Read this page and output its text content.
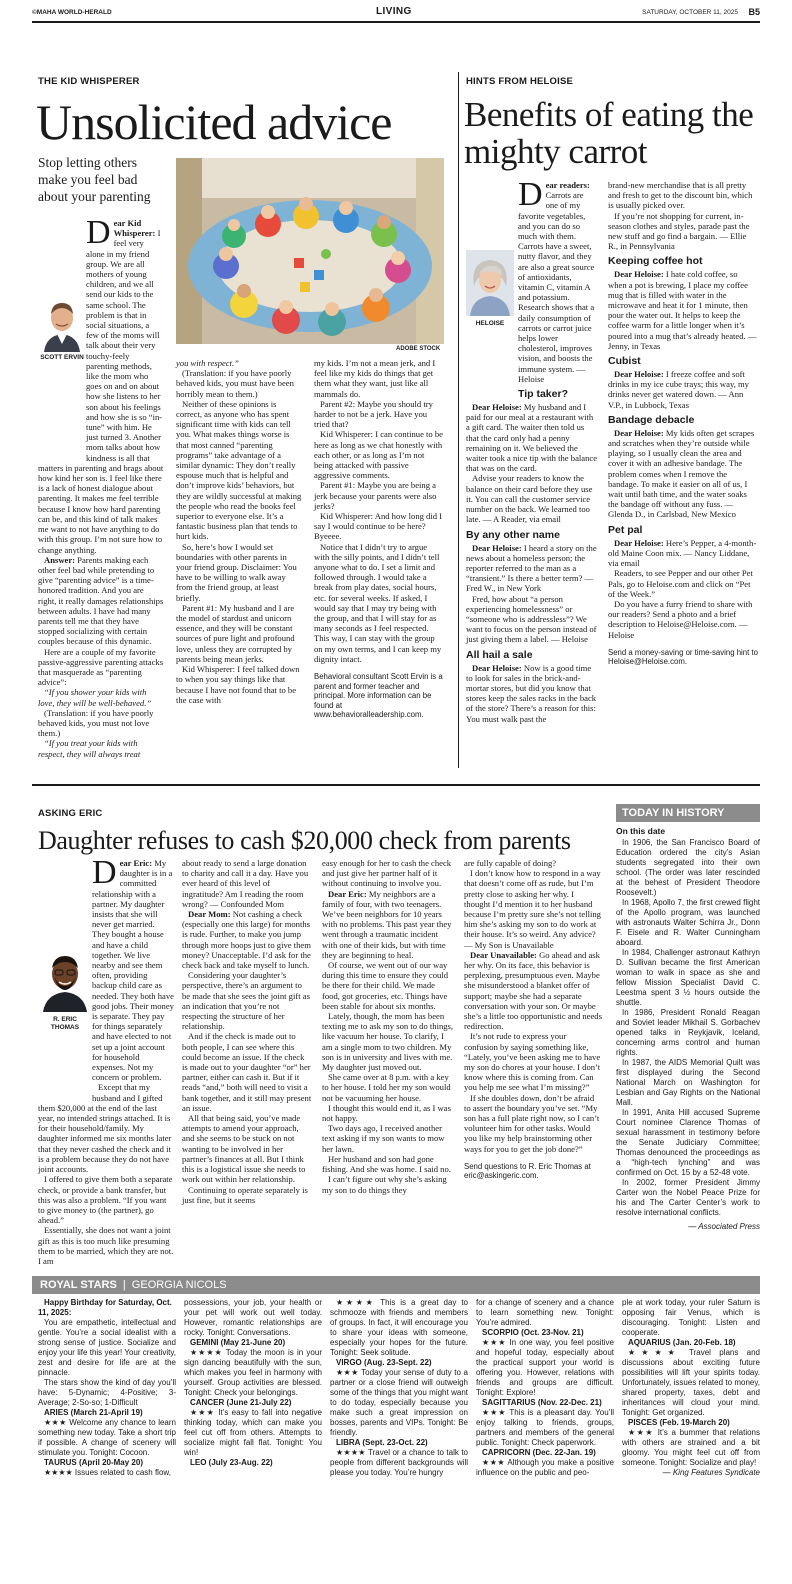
©MAHA WORLD-HERALD	LIVING	SATURDAY, OCTOBER 11, 2025 B5
THE KID WHISPERER
Unsolicited advice
Stop letting others make you feel bad about your parenting
ADOBE STOCK
SCOTT ERVIN

Dear Kid Whisperer: I feel very alone in my friend group. We are all mothers of young children, and we all send our kids to the same school. The problem is that in social situations, a few of the moms will talk about their very touchy-feely parenting methods, like the mom who goes on and on about how she listens to her son about his feelings and how she is so “in-tune” with him. He just turned 3. Another mom talks about how kindness is all that matters in parenting and brags about how kind her son is. I feel like there is a lack of honest dialogue about parenting. It makes me feel terrible because I know how hard parenting can be, and this kind of talk makes me want to not have anything to do with this group. I’m not sure how to change anything.

Answer: Parents making each other feel bad while pretending to give “parenting advice” is a time-honored tradition. And you are right, it really damages relationships between adults. I have had many parents tell me that they have stopped socializing with certain couples because of this dynamic.

Here are a couple of my favorite passive-aggressive parenting attacks that masquerade as “parenting advice”:

“If you shower your kids with love, they will be well-behaved.”

(Translation: if you have poorly behaved kids, you must not love them.)

“If you treat your kids with respect, they will always treat

you with respect.”

(Translation: if you have poorly behaved kids, you must have been horribly mean to them.)

Neither of these opinions is correct, as anyone who has spent significant time with kids can tell you. What makes things worse is that most canned “parenting programs” take advantage of a similar dynamic: They don’t really espouse much that is helpful and don’t improve kids’ behaviors, but they are wildly successful at making the people who read the books feel superior to everyone else. It’s a fantastic business plan that tends to hurt kids.

So, here’s how I would set boundaries with other parents in your friend group. Disclaimer: You have to be willing to walk away from the friend group, at least briefly.

Parent #1: My husband and I are the model of stardust and unicorn essence, and they will be constant sources of pure light and profound love, unless they are corrupted by parents being mean jerks.

Kid Whisperer: I feel talked down to when you say things like that because I have not found that to be the case with

my kids. I’m not a mean jerk, and I feel like my kids do things that get them what they want, just like all mammals do.

Parent #2: Maybe you should try harder to not be a jerk. Have you tried that?

Kid Whisperer: I can continue to be here as long as we chat honestly with each other, or as long as I’m not being attacked with passive aggressive comments.

Parent #1: Maybe you are being a jerk because your parents were also jerks?

Kid Whisperer: And how long did I say I would continue to be here? Byeeee.

Notice that I didn’t try to argue with the silly points, and I didn’t tell anyone what to do. I set a limit and followed through. I would take a break from play dates, social hours, etc. for several weeks. If asked, I would say that I may try being with the group, and that I will stay for as many seconds as I feel respected. This way, I can stay with the group on my own terms, and I can keep my dignity intact.

Behavioral consultant Scott Ervin is a parent and former teacher and principal. More information can be found at www.behavioralleadership.com.
HINTS FROM HELOISE
Benefits of eating the mighty carrot
HELOISE

Dear readers: Carrots are one of my favorite vegetables, and you can do so much with them. Carrots have a sweet, nutty flavor, and they are also a great source of antioxidants, vitamin C, vitamin A and potassium. Research shows that a daily consumption of carrots or carrot juice helps lower cholesterol, improves vision, and boosts the immune system. — Heloise

Tip taker?

Dear Heloise: My husband and I paid for our meal at a restaurant with a gift card. The waiter then told us that the card only had a penny remaining on it. We believed the waiter took a nice tip with the balance that was on the card.

Advise your readers to know the balance on their card before they use it. You can call the customer service number on the back. We learned too late. — A Reader, via email

By any other name

Dear Heloise: I heard a story on the news about a homeless person; the reporter referred to the man as a “transient.” Is there a better term? — Fred W., in New York

Fred, how about “a person experiencing homelessness” or “someone who is addressless”? We want to focus on the person instead of just giving them a label. — Heloise

All hail a sale

Dear Heloise: Now is a good time to look for sales in the brick-and-mortar stores, but did you know that stores keep the sales racks in the back of the store? There’s a reason for this: You must walk past the

brand-new merchandise that is all pretty and fresh to get to the discount bin, which is usually picked over.

If you’re not shopping for current, in-season clothes and styles, parade past the new stuff and go find a bargain. — Ellie R., in Pennsylvania

Keeping coffee hot

Dear Heloise: I hate cold coffee, so when a pot is brewing, I place my coffee mug that is filled with water in the microwave and heat it for 1 minute, then pour the water out. It helps to keep the coffee warm for a little longer when it’s poured into a mug that’s already heated. — Jenny, in Texas

Cubist

Dear Heloise: I freeze coffee and soft drinks in my ice cube trays; this way, my drinks never get watered down. — Ann V.P., in Lubbock, Texas

Bandage debacle

Dear Heloise: My kids often get scrapes and scratches when they’re outside while playing, so I usually clean the area and cover it with an adhesive bandage. The problem comes when I remove the bandage. To make it easier on all of us, I wait until bath time, and the water soaks the bandage off without any fuss. — Glenda D., in Carlsbad, New Mexico

Pet pal

Dear Heloise: Here’s Pepper, a 4-month-old Maine Coon mix. — Nancy Liddane, via email

Readers, to see Pepper and our other Pet Pals, go to Heloise.com and click on “Pet of the Week.”

Do you have a furry friend to share with our readers? Send a photo and a brief description to Heloise@Heloise.com. — Heloise

Send a money-saving or time-saving hint to Heloise@Heloise.com.
ASKING ERIC
Daughter refuses to cash $20,000 check from parents
R. ERIC THOMAS

Dear Eric: My daughter is in a committed relationship with a partner. My daughter insists that she will never get married. They bought a house and have a child together. We live nearby and see them often, providing backup child care as needed. They both have good jobs. Their money is separate. They pay for things separately and have elected to not set up a joint account for household expenses. Not my concern or problem.

Except that my husband and I gifted them $20,000 at the end of the last year, no intended strings attached. It is for their household/family. My daughter informed me six months later that they never cashed the check and it is a problem because they do not have joint accounts.

I offered to give them both a separate check, or provide a bank transfer, but this was also a problem. “If you want to give money to (the partner), go ahead.”

Essentially, she does not want a joint gift as this is too much like presuming them to be married, which they are not. I am

about ready to send a large donation to charity and call it a day. Have you ever heard of this level of ingratitude? Am I reading the room wrong? — Confounded Mom

Dear Mom: Not cashing a check (especially one this large) for months is rude. Further, to make you jump through more hoops just to give them money? Unacceptable. I’d ask for the check back and take myself to lunch.

Considering your daughter’s perspective, there’s an argument to be made that she sees the joint gift as an indication that you’re not respecting the structure of her relationship.

And if the check is made out to both people, I can see where this could become an issue. If the check is made out to your daughter “or” her partner, either can cash it. But if it reads “and,” both will need to visit a bank together, and it still may present an issue.

All that being said, you’ve made attempts to amend your approach, and she seems to be stuck on not wanting to be involved in her partner’s finances at all. But I think this is a logistical issue she needs to work out within her relationship.

Continuing to operate separately is just fine, but it seems

easy enough for her to cash the check and just give her partner half of it without continuing to involve you.

Dear Eric: My neighbors are a family of four, with two teenagers. We’ve been neighbors for 10 years with no problems. This past year they went through a traumatic incident with one of their kids, but with time they are beginning to heal.

Of course, we went out of our way during this time to ensure they could be there for their child. We made food, got groceries, etc. Things have been stable for about six months.

Lately, though, the mom has been texting me to ask my son to do things, like vacuum her house. To clarify, I am a single mom to two children. My son is in university and lives with me. My daughter just moved out.

She came over at 8 p.m. with a key to her house. I told her my son would not be vacuuming her house.

I thought this would end it, as I was not happy.

Two days ago, I received another text asking if my son wants to mow her lawn.

Her husband and son had gone fishing. And she was home. I said no.

I can’t figure out why she’s asking my son to do things they

are fully capable of doing?

I don’t know how to respond in a way that doesn’t come off as rude, but I’m pretty close to asking her why. I thought I’d mention it to her husband because I’m pretty sure she’s not telling him she’s asking my son to do work at their house. It’s so weird. Any advice? — My Son is Unavailable

Dear Unavailable: Go ahead and ask her why. On its face, this behavior is perplexing, presumptuous even. Maybe she misunderstood a blanket offer of support; maybe she had a separate conversation with your son. Or maybe she’s a little too opportunistic and needs redirection.

It’s not rude to express your confusion by saying something like, “Lately, you’ve been asking me to have my son do chores at your house. I don’t know where this is coming from. Can you help me see what I’m missing?”

If she doubles down, don’t be afraid to assert the boundary you’ve set. “My son has a full plate right now, so I can’t volunteer him for other tasks. Would you like my help brainstorming other ways for you to get the job done?”

Send questions to R. Eric Thomas at eric@askingeric.com.
TODAY IN HISTORY
On this date

In 1906, the San Francisco Board of Education ordered the city’s Asian students segregated into their own school. (The order was later rescinded at the behest of President Theodore Roosevelt.)

In 1968, Apollo 7, the first crewed flight of the Apollo program, was launched with astronauts Walter Schirra Jr., Donn F. Eisele and R. Walter Cunningham aboard.

In 1984, Challenger astronaut Kathryn D. Sullivan became the first American woman to walk in space as she and fellow Mission Specialist David C. Leestma spent 3 ½ hours outside the shuttle.

In 1986, President Ronald Reagan and Soviet leader Mikhail S. Gorbachev opened talks in Reykjavik, Iceland, concerning arms control and human rights.

In 1987, the AIDS Memorial Quilt was first displayed during the Second National March on Washington for Lesbian and Gay Rights on the National Mall.

In 1991, Anita Hill accused Supreme Court nominee Clarence Thomas of sexual harassment in testimony before the Senate Judiciary Committee; Thomas denounced the proceedings as a “high-tech lynching” and was confirmed on Oct. 15 by a 52-48 vote.

In 2002, former President Jimmy Carter won the Nobel Peace Prize for his and The Carter Center’s work to resolve international conflicts.

— Associated Press
ROYAL STARS | GEORGIA NICOLS

Happy Birthday for Saturday, Oct. 11, 2025:

You are empathetic, intellectual and gentle. You’re a social idealist with a strong sense of justice. Socialize and enjoy your life this year! Your creativity, zest and desire for life are at the pinnacle.

The stars show the kind of day you’ll have: 5-Dynamic; 4-Positive; 3-Average; 2-So-so; 1-Difficult

ARIES (March 21-April 19)

★★★ Welcome any chance to learn something new today. Take a short trip if possible. A change of scenery will stimulate you. Tonight: Cocoon.

TAURUS (April 20-May 20)

★★★★ Issues related to cash flow,

possessions, your job, your health or your pet will work out well today. However, romantic relationships are rocky. Tonight: Conversations.

GEMINI (May 21-June 20)

★★★★ Today the moon is in your sign dancing beautifully with the sun, which makes you feel in harmony with yourself. Group activities are blessed. Tonight: Check your belongings.

CANCER (June 21-July 22)

★★★ It’s easy to fall into negative thinking today, which can make you feel cut off from others. Attempts to socialize might fall flat. Tonight: You win!

LEO (July 23-Aug. 22)

★★★★ This is a great day to schmooze with friends and members of groups. In fact, it will encourage you to share your ideas with someone, especially your hopes for the future. Tonight: Seek solitude.

VIRGO (Aug. 23-Sept. 22)

★★★ Today your sense of duty to a partner or a close friend will outweigh some of the things that you might want to do today, especially because you make such a great impression on bosses, parents and VIPs. Tonight: Be friendly.

LIBRA (Sept. 23-Oct. 22)

★★★★ Travel or a chance to talk to people from different backgrounds will please you today. You’re hungry

for a change of scenery and a chance to learn something new. Tonight: You’re admired.

SCORPIO (Oct. 23-Nov. 21)

★★★ In one way, you feel positive and hopeful today, especially about the practical support your world is offering you. However, relations with friends and groups are difficult. Tonight: Explore!

SAGITTARIUS (Nov. 22-Dec. 21)

★★★ This is a pleasant day. You’ll enjoy talking to friends, groups, partners and members of the general public. Tonight: Check paperwork.

CAPRICORN (Dec. 22-Jan. 19)

★★★ Although you make a positive influence on the public and peo-

ple at work today, your ruler Saturn is opposing fair Venus, which is discouraging. Tonight: Listen and cooperate.

AQUARIUS (Jan. 20-Feb. 18)

★★★★ Travel plans and discussions about exciting future possibilities will lift your spirits today. Unfortunately, issues related to money, shared property, taxes, debt and inheritances will cloud your mind. Tonight: Get organized.

PISCES (Feb. 19-March 20)

★★★ It’s a bummer that relations with others are strained and a bit gloomy. You might feel cut off from someone. Tonight: Socialize and play!

— King Features Syndicate
